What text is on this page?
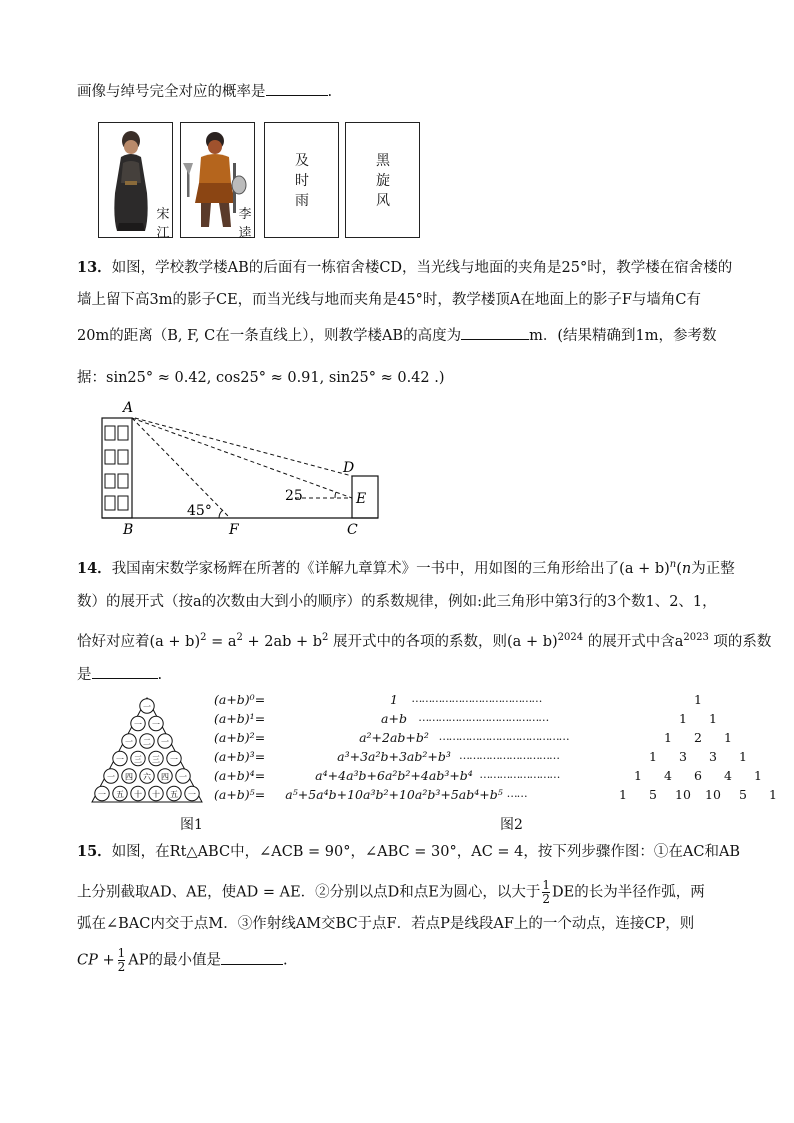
画像与绰号完全对应的概率是	.
宋
江
李
逵
及
时
雨
黑
旋
风
13．如图，学校教学楼AB的后面有一栋宿舍楼CD，当光线与地面的夹角是25°时，教学楼在宿舍楼的
墙上留下高3m的影子CE，而当光线与地而夹角是45°时，教学楼顶A在地面上的影子F与墙角C有
20m的距离（B, F, C在一条直线上），则教学楼AB的高度为	m．(结果精确到1m，参考数
据：sin25° ≈ 0.42, cos25° ≈ 0.91, sin25° ≈ 0.42 .)
A
B	F	C
D
E
45°
25
14．我国南宋数学家杨辉在所著的《详解九章算术》一书中，用如图的三角形给出了$(a + b)^n(n$为正整
数）的展开式（按a的次数由大到小的顺序）的系数规律，例如:此三角形中第3行的3个数1、2、1，
恰好对应着$(a + b)^2 = a^2 + 2ab + b^2$ 展开式中的各项的系数，则$(a + b)^{2024}$ 的展开式中含$a^{2023}$ 项的系数
是	.
一
一 一
一 二 一
一 三 三 一
一 四 六 四 一
一 五 十 十 五 一
图1
(a+b)⁰=	1 …………………………………	1
(a+b)¹=	a+b …………………………………	1 1
(a+b)²=	a²+2ab+b² …………………………………	1 2 1
(a+b)³=	a³+3a²b+3ab²+b³ …………………………	1 3 3 1
(a+b)⁴=	a⁴+4a³b+6a²b²+4ab³+b⁴ ……………………	1 4 6 4 1
(a+b)⁵= a⁵+5a⁴b+10a³b²+10a²b³+5ab⁴+b⁵ ……	1 5 10 10 5 1
图2
15．如图，在Rt△ABC中，∠ACB = 90°，∠ABC = 30°，AC = 4，按下列步骤作图：①在AC和AB
上分别截取AD、AE，使AD = AE．②分别以点D和点E为圆心，以大于 $\frac{1}{2}$ DE的长为半径作弧，两
弧在∠BAC内交于点M．③作射线AM交BC于点F．若点P是线段AF上的一个动点，连接CP，则
CP + $\frac{1}{2}$ AP的最小值是	.
